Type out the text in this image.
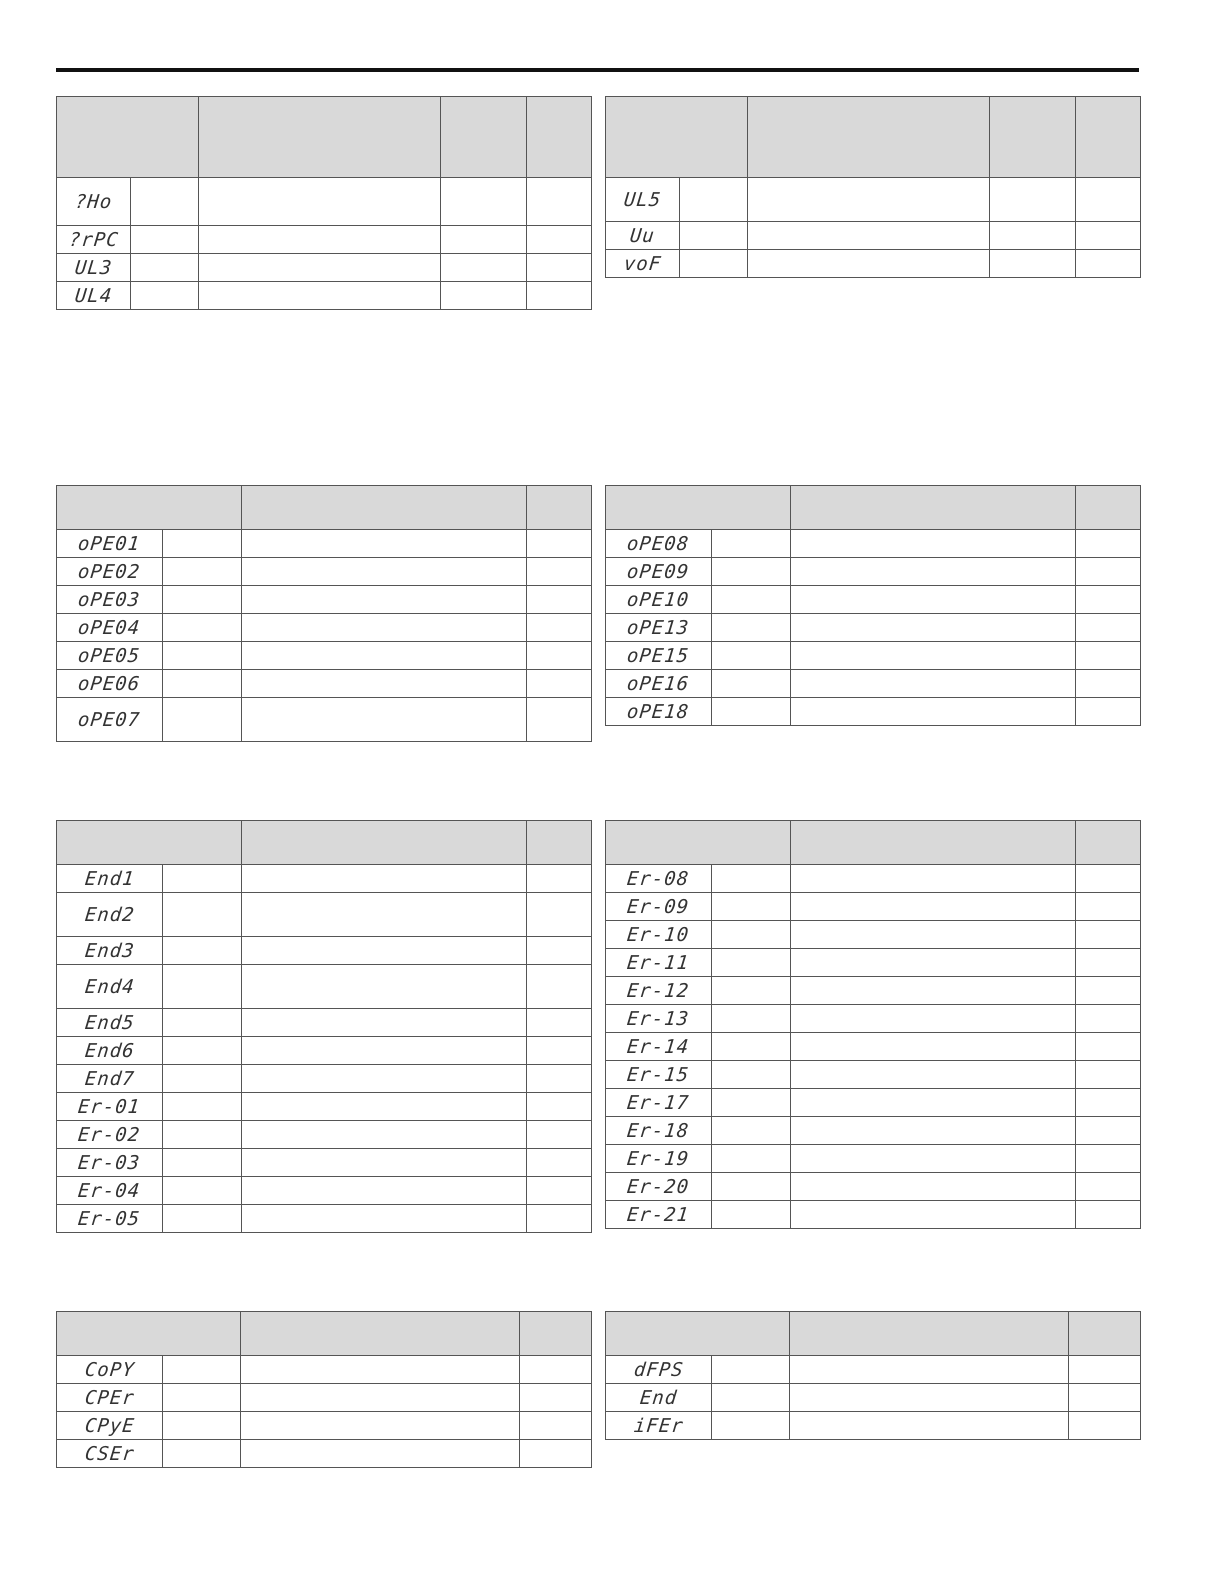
?Ho				
?rPC				
UL3				
UL4				

UL5				
Uu				
voF				

oPE01			
oPE02			
oPE03			
oPE04			
oPE05			
oPE06			
oPE07			

oPE08			
oPE09			
oPE10			
oPE13			
oPE15			
oPE16			
oPE18			

End1			
End2			
End3			
End4			
End5			
End6			
End7			
Er-01			
Er-02			
Er-03			
Er-04			
Er-05			

Er-08			
Er-09			
Er-10			
Er-11			
Er-12			
Er-13			
Er-14			
Er-15			
Er-17			
Er-18			
Er-19			
Er-20			
Er-21			

CoPY			
CPEr			
CPyE			
CSEr			

dFPS			
End			
iFEr			
